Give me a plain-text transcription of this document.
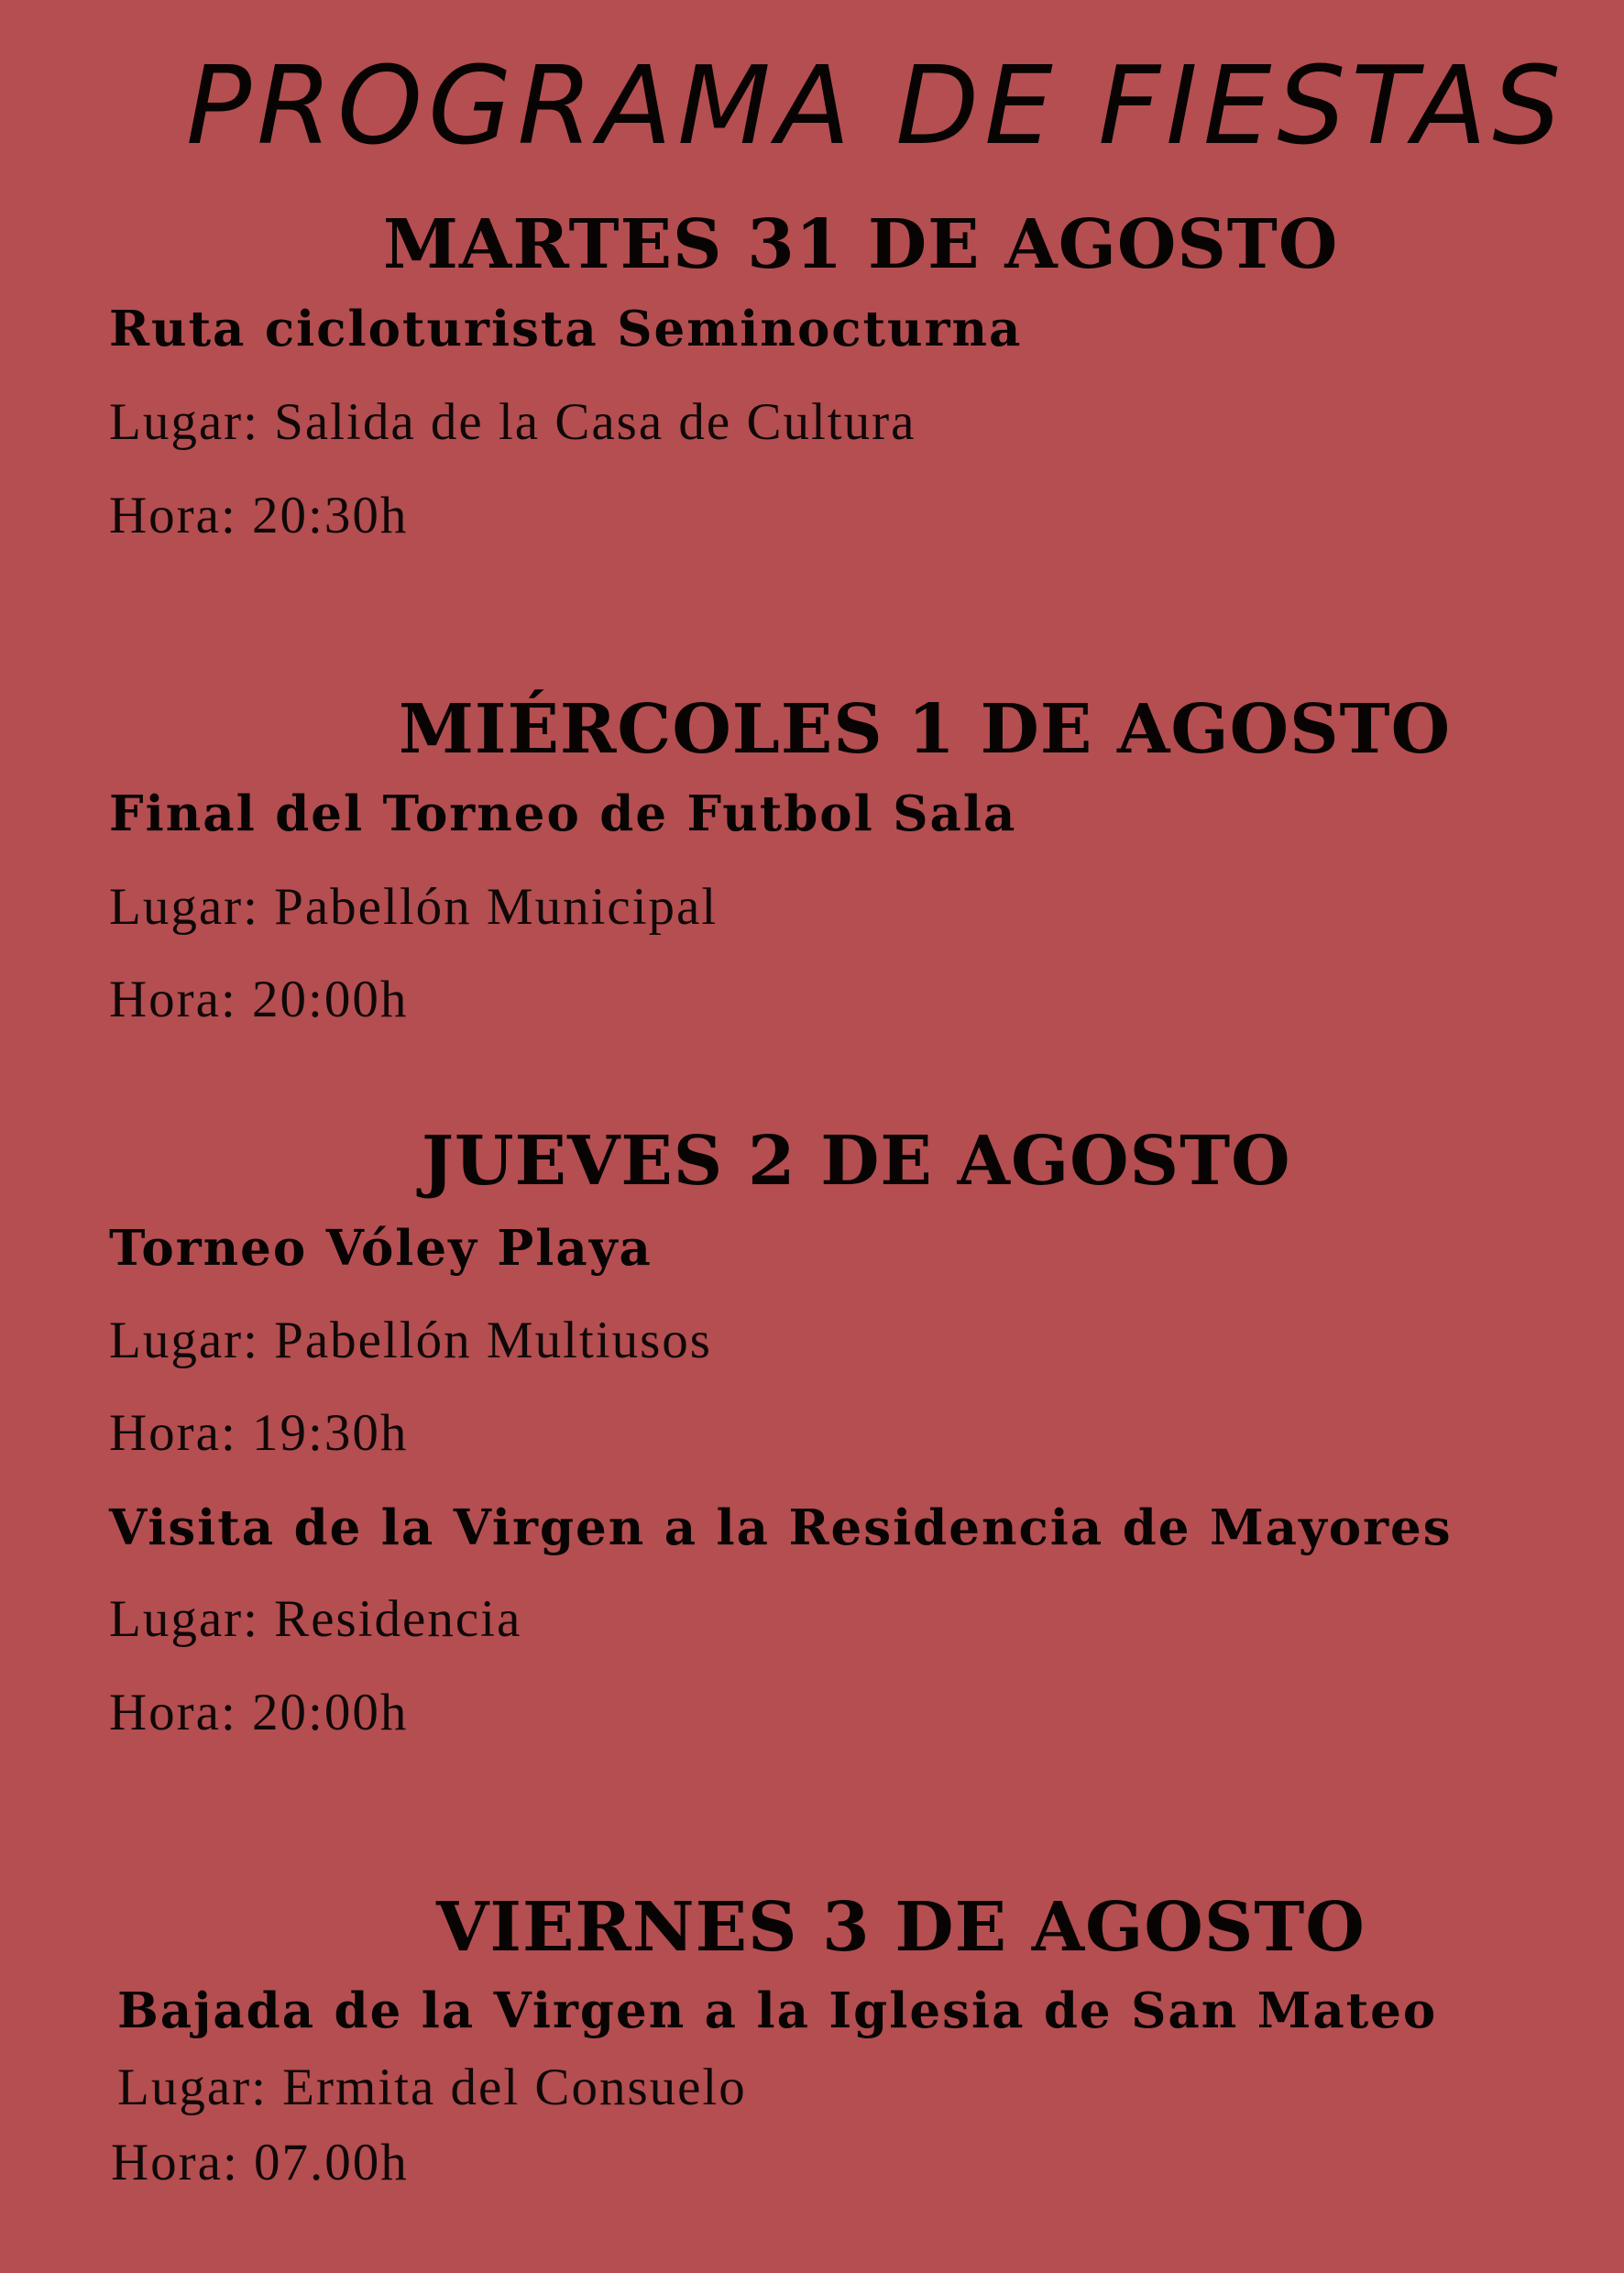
PROGRAMA DE FIESTAS
MARTES 31 DE AGOSTO
Ruta cicloturista Seminocturna
Lugar: Salida de la Casa de Cultura
Hora: 20:30h
MIÉRCOLES 1 DE AGOSTO
Final del Torneo de Futbol Sala
Lugar: Pabellón Municipal
Hora: 20:00h
JUEVES 2 DE AGOSTO
Torneo Vóley Playa
Lugar: Pabellón Multiusos
Hora: 19:30h
Visita de la Virgen a la Residencia de Mayores
Lugar: Residencia
Hora: 20:00h
VIERNES 3 DE AGOSTO
Bajada de la Virgen a la Iglesia de San Mateo
Lugar: Ermita del Consuelo
Hora: 07.00h
